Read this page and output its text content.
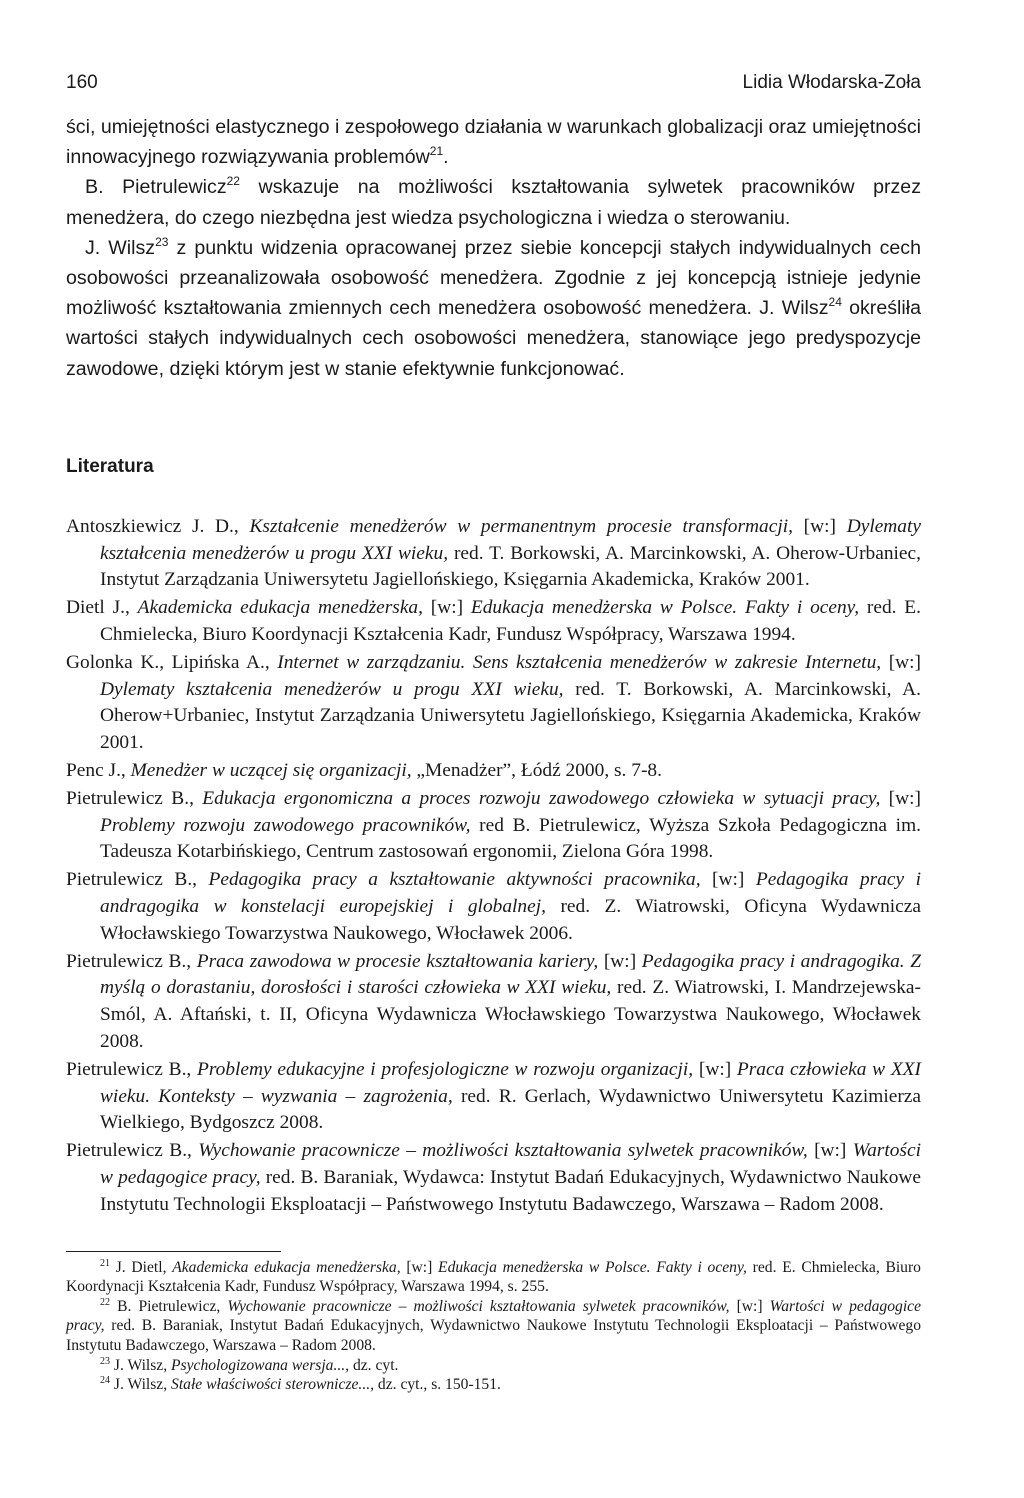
160	Lidia Włodarska-Zoła

ści, umiejętności elastycznego i zespołowego działania w warunkach globalizacji oraz umiejętności innowacyjnego rozwiązywania problemów$^{21}$.

B. Pietrulewicz$^{22}$ wskazuje na możliwości kształtowania sylwetek pracowników przez menedżera, do czego niezbędna jest wiedza psychologiczna i wiedza o sterowaniu.

J. Wilsz$^{23}$ z punktu widzenia opracowanej przez siebie koncepcji stałych indywidualnych cech osobowości przeanalizowała osobowość menedżera. Zgodnie z jej koncepcją istnieje jedynie możliwość kształtowania zmiennych cech menedżera osobowość menedżera. J. Wilsz$^{24}$ określiła wartości stałych indywidualnych cech osobowości menedżera, stanowiące jego predyspozycje zawodowe, dzięki którym jest w stanie efektywnie funkcjonować.

Literatura

Antoszkiewicz J. D., Kształcenie menedżerów w permanentnym procesie transformacji, [w:] Dylematy kształcenia menedżerów u progu XXI wieku, red. T. Borkowski, A. Marcinkowski, A. Oherow-Urbaniec, Instytut Zarządzania Uniwersytetu Jagiellońskiego, Księgarnia Akademicka, Kraków 2001.

Dietl J., Akademicka edukacja menedżerska, [w:] Edukacja menedżerska w Polsce. Fakty i oceny, red. E. Chmielecka, Biuro Koordynacji Kształcenia Kadr, Fundusz Współpracy, Warszawa 1994.

Golonka K., Lipińska A., Internet w zarządzaniu. Sens kształcenia menedżerów w zakresie Internetu, [w:] Dylematy kształcenia menedżerów u progu XXI wieku, red. T. Borkowski, A. Marcinkowski, A. Oherow+Urbaniec, Instytut Zarządzania Uniwersytetu Jagiellońskiego, Księgarnia Akademicka, Kraków 2001.

Penc J., Menedżer w uczącej się organizacji, „Menadżer”, Łódź 2000, s. 7-8.

Pietrulewicz B., Edukacja ergonomiczna a proces rozwoju zawodowego człowieka w sytuacji pracy, [w:] Problemy rozwoju zawodowego pracowników, red B. Pietrulewicz, Wyższa Szkoła Pedagogiczna im. Tadeusza Kotarbińskiego, Centrum zastosowań ergonomii, Zielona Góra 1998.

Pietrulewicz B., Pedagogika pracy a kształtowanie aktywności pracownika, [w:] Pedagogika pracy i andragogika w konstelacji europejskiej i globalnej, red. Z. Wiatrowski, Oficyna Wydawnicza Włocławskiego Towarzystwa Naukowego, Włocławek 2006.

Pietrulewicz B., Praca zawodowa w procesie kształtowania kariery, [w:] Pedagogika pracy i andragogika. Z myślą o dorastaniu, dorosłości i starości człowieka w XXI wieku, red. Z. Wiatrowski, I. Mandrzejewska-Smól, A. Aftański, t. II, Oficyna Wydawnicza Włocławskiego Towarzystwa Naukowego, Włocławek 2008.

Pietrulewicz B., Problemy edukacyjne i profesjologiczne w rozwoju organizacji, [w:] Praca człowieka w XXI wieku. Konteksty – wyzwania – zagrożenia, red. R. Gerlach, Wydawnictwo Uniwersytetu Kazimierza Wielkiego, Bydgoszcz 2008.

Pietrulewicz B., Wychowanie pracownicze – możliwości kształtowania sylwetek pracowników, [w:] Wartości w pedagogice pracy, red. B. Baraniak, Wydawca: Instytut Badań Edukacyjnych, Wydawnictwo Naukowe Instytutu Technologii Eksploatacji – Państwowego Instytutu Badawczego, Warszawa – Radom 2008.

$^{21}$ J. Dietl, Akademicka edukacja menedżerska, [w:] Edukacja menedżerska w Polsce. Fakty i oceny, red. E. Chmielecka, Biuro Koordynacji Kształcenia Kadr, Fundusz Współpracy, Warszawa 1994, s. 255.

$^{22}$ B. Pietrulewicz, Wychowanie pracownicze – możliwości kształtowania sylwetek pracowników, [w:] Wartości w pedagogice pracy, red. B. Baraniak, Instytut Badań Edukacyjnych, Wydawnictwo Naukowe Instytutu Technologii Eksploatacji – Państwowego Instytutu Badawczego, Warszawa – Radom 2008.

$^{23}$ J. Wilsz, Psychologizowana wersja..., dz. cyt.

$^{24}$ J. Wilsz, Stałe właściwości sterownicze..., dz. cyt., s. 150-151.
